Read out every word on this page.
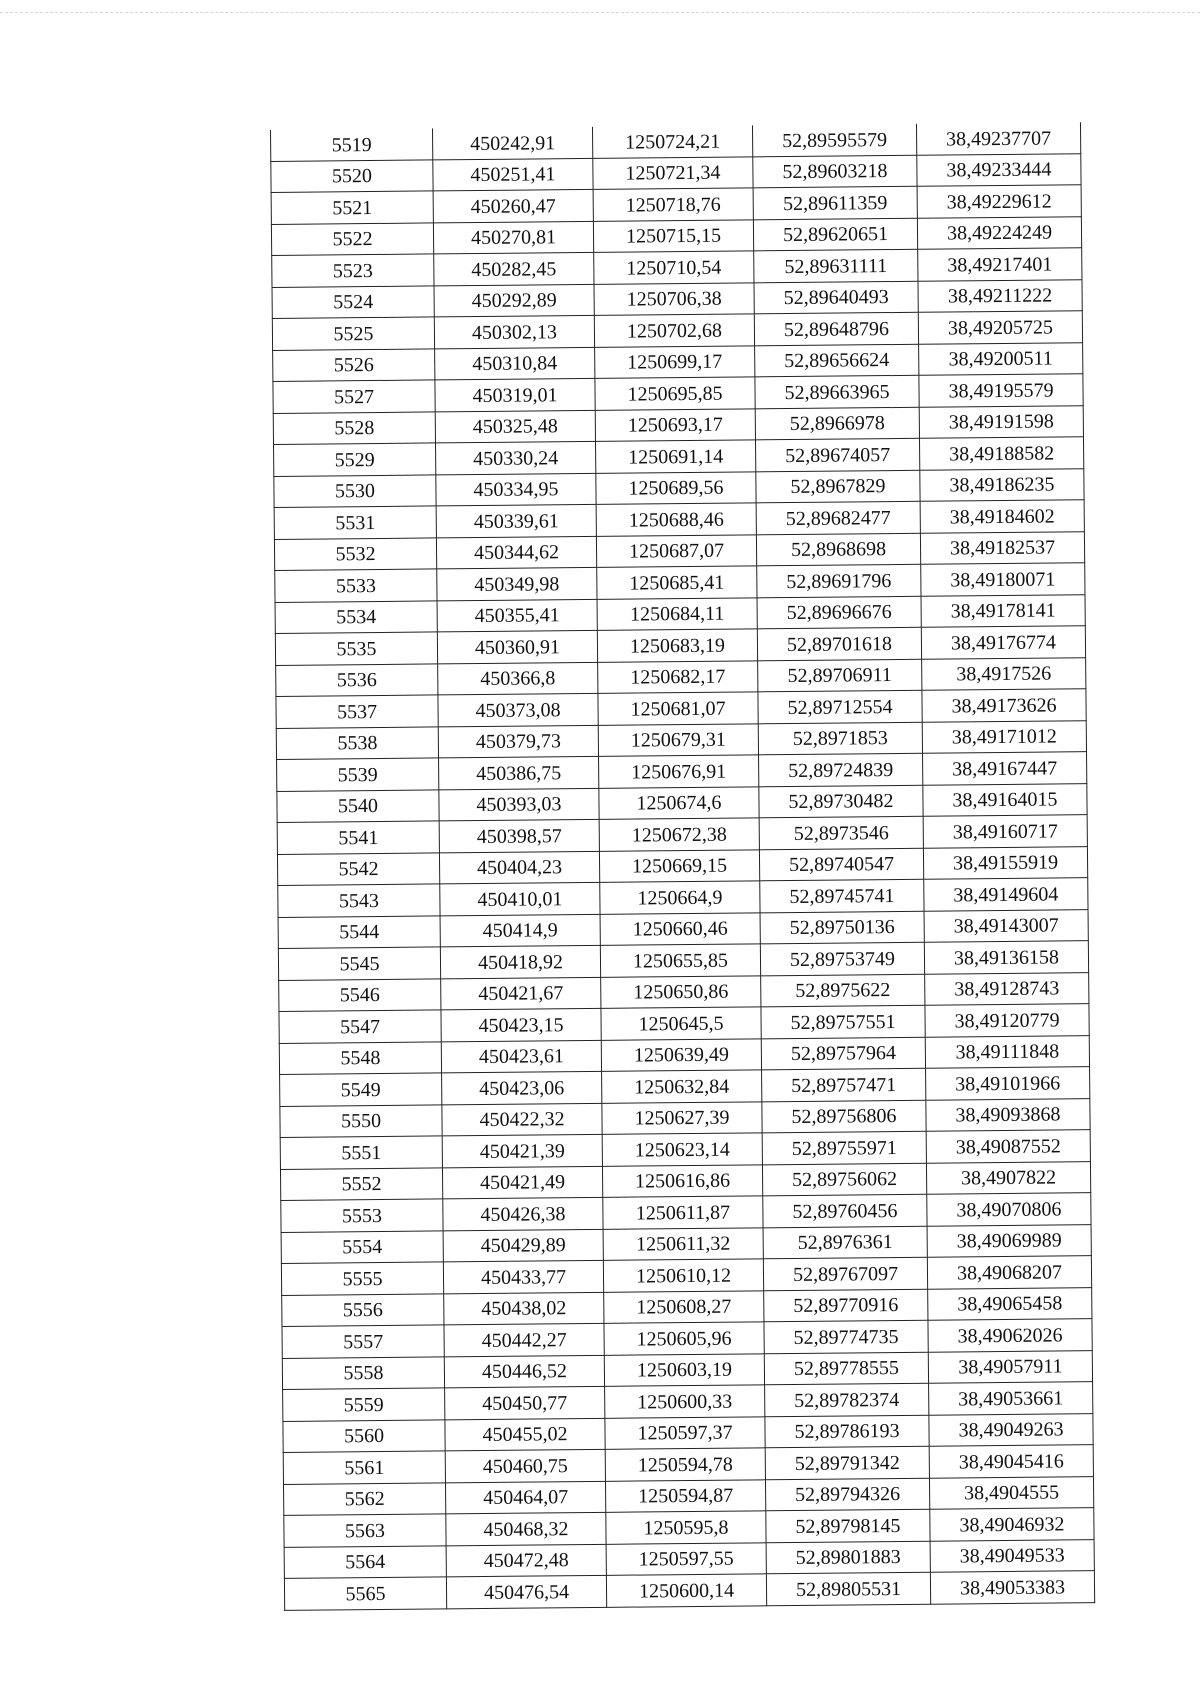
5519	450242,91	1250724,21	52,89595579	38,49237707
5520	450251,41	1250721,34	52,89603218	38,49233444
5521	450260,47	1250718,76	52,89611359	38,49229612
5522	450270,81	1250715,15	52,89620651	38,49224249
5523	450282,45	1250710,54	52,89631111	38,49217401
5524	450292,89	1250706,38	52,89640493	38,49211222
5525	450302,13	1250702,68	52,89648796	38,49205725
5526	450310,84	1250699,17	52,89656624	38,49200511
5527	450319,01	1250695,85	52,89663965	38,49195579
5528	450325,48	1250693,17	52,8966978	38,49191598
5529	450330,24	1250691,14	52,89674057	38,49188582
5530	450334,95	1250689,56	52,8967829	38,49186235
5531	450339,61	1250688,46	52,89682477	38,49184602
5532	450344,62	1250687,07	52,8968698	38,49182537
5533	450349,98	1250685,41	52,89691796	38,49180071
5534	450355,41	1250684,11	52,89696676	38,49178141
5535	450360,91	1250683,19	52,89701618	38,49176774
5536	450366,8	1250682,17	52,89706911	38,4917526
5537	450373,08	1250681,07	52,89712554	38,49173626
5538	450379,73	1250679,31	52,8971853	38,49171012
5539	450386,75	1250676,91	52,89724839	38,49167447
5540	450393,03	1250674,6	52,89730482	38,49164015
5541	450398,57	1250672,38	52,8973546	38,49160717
5542	450404,23	1250669,15	52,89740547	38,49155919
5543	450410,01	1250664,9	52,89745741	38,49149604
5544	450414,9	1250660,46	52,89750136	38,49143007
5545	450418,92	1250655,85	52,89753749	38,49136158
5546	450421,67	1250650,86	52,8975622	38,49128743
5547	450423,15	1250645,5	52,89757551	38,49120779
5548	450423,61	1250639,49	52,89757964	38,49111848
5549	450423,06	1250632,84	52,89757471	38,49101966
5550	450422,32	1250627,39	52,89756806	38,49093868
5551	450421,39	1250623,14	52,89755971	38,49087552
5552	450421,49	1250616,86	52,89756062	38,4907822
5553	450426,38	1250611,87	52,89760456	38,49070806
5554	450429,89	1250611,32	52,8976361	38,49069989
5555	450433,77	1250610,12	52,89767097	38,49068207
5556	450438,02	1250608,27	52,89770916	38,49065458
5557	450442,27	1250605,96	52,89774735	38,49062026
5558	450446,52	1250603,19	52,89778555	38,49057911
5559	450450,77	1250600,33	52,89782374	38,49053661
5560	450455,02	1250597,37	52,89786193	38,49049263
5561	450460,75	1250594,78	52,89791342	38,49045416
5562	450464,07	1250594,87	52,89794326	38,4904555
5563	450468,32	1250595,8	52,89798145	38,49046932
5564	450472,48	1250597,55	52,89801883	38,49049533
5565	450476,54	1250600,14	52,89805531	38,49053383
